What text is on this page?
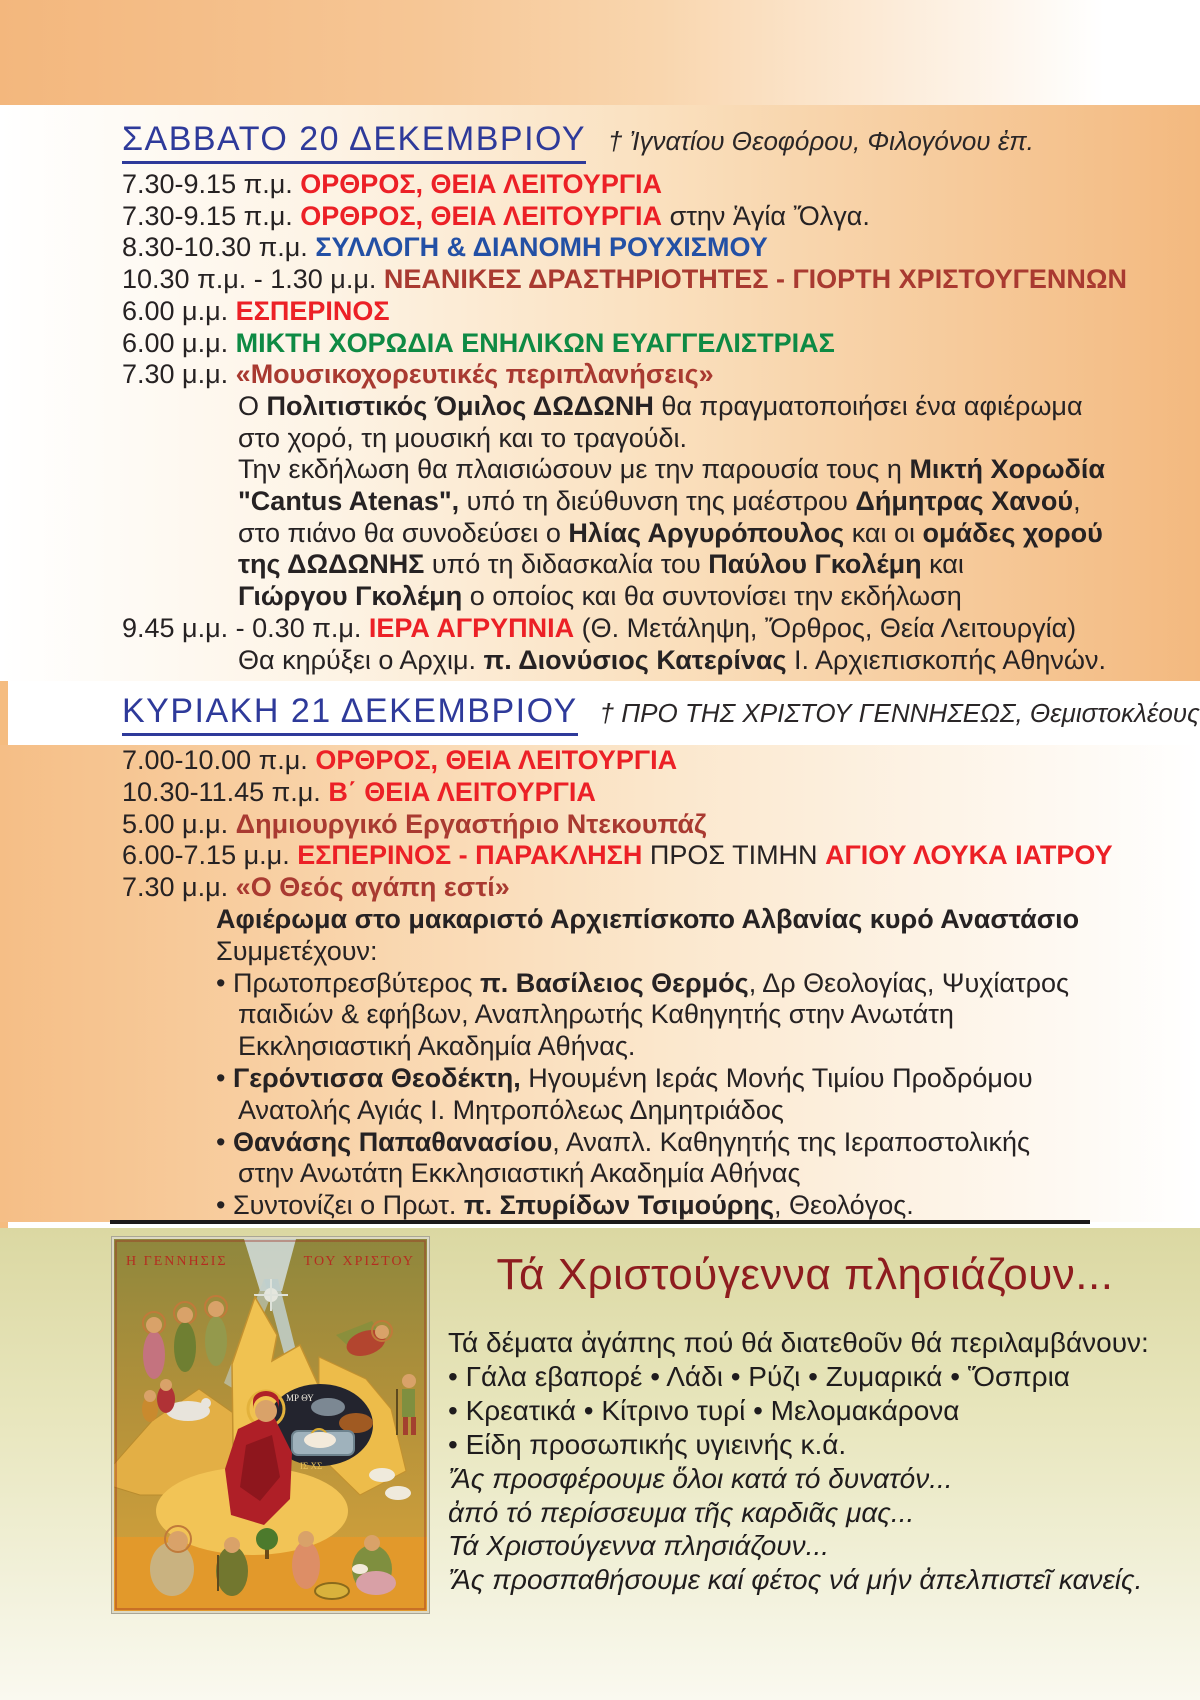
ΣΑΒΒΑΤΟ 20 ΔΕΚΕΜΒΡΙΟΥ † Ἰγνατίου Θεοφόρου, Φιλογόνου ἐπ.
7.30-9.15 π.μ. ΟΡΘΡΟΣ, ΘΕΙΑ ΛΕΙΤΟΥΡΓΙΑ
7.30-9.15 π.μ. ΟΡΘΡΟΣ, ΘΕΙΑ ΛΕΙΤΟΥΡΓΙΑ στην Ἁγία Ὄλγα.
8.30-10.30 π.μ. ΣΥΛΛΟΓΗ & ΔΙΑΝΟΜΗ ΡΟΥΧΙΣΜΟΥ
10.30 π.μ. - 1.30 μ.μ. ΝΕΑΝΙΚΕΣ ΔΡΑΣΤΗΡΙΟΤΗΤΕΣ - ΓΙΟΡΤΗ ΧΡΙΣΤΟΥΓΕΝΝΩΝ
6.00 μ.μ. ΕΣΠΕΡΙΝΟΣ
6.00 μ.μ. ΜΙΚΤΗ ΧΟΡΩΔΙΑ ΕΝΗΛΙΚΩΝ ΕΥΑΓΓΕΛΙΣΤΡΙΑΣ
7.30 μ.μ. «Μουσικοχορευτικές περιπλανήσεις»
Ο Πολιτιστικός Όμιλος ΔΩΔΩΝΗ θα πραγματοποιήσει ένα αφιέρωμα
στο χορό, τη μουσική και το τραγούδι.
Την εκδήλωση θα πλαισιώσουν με την παρουσία τους η Μικτή Χορωδία
"Cantus Atenas", υπό τη διεύθυνση της μαέστρου Δήμητρας Χανού,
στο πιάνο θα συνοδεύσει ο Ηλίας Αργυρόπουλος και οι ομάδες χορού
της ΔΩΔΩΝΗΣ υπό τη διδασκαλία του Παύλου Γκολέμη και
Γιώργου Γκολέμη ο οποίος και θα συντονίσει την εκδήλωση
9.45 μ.μ. - 0.30 π.μ. ΙΕΡΑ ΑΓΡΥΠΝΙΑ (Θ. Μετάληψη, Ὄρθρος, Θεία Λειτουργία)
Θα κηρύξει ο Αρχιμ. π. Διονύσιος Κατερίνας Ι. Αρχιεπισκοπής Αθηνών.
ΚΥΡΙΑΚΗ 21 ΔΕΚΕΜΒΡΙΟΥ † ΠΡΟ ΤΗΣ ΧΡΙΣΤΟΥ ΓΕΝΝΗΣΕΩΣ, Θεμιστοκλέους
7.00-10.00 π.μ. ΟΡΘΡΟΣ, ΘΕΙΑ ΛΕΙΤΟΥΡΓΙΑ
10.30-11.45 π.μ. Β΄ ΘΕΙΑ ΛΕΙΤΟΥΡΓΙΑ
5.00 μ.μ. Δημιουργικό Εργαστήριο Ντεκουπάζ
6.00-7.15 μ.μ. ΕΣΠΕΡΙΝΟΣ - ΠΑΡΑΚΛΗΣΗ ΠΡΟΣ ΤΙΜΗΝ ΑΓΙΟΥ ΛΟΥΚΑ ΙΑΤΡΟΥ
7.30 μ.μ. «Ο Θεός αγάπη εστί»
Αφιέρωμα στο μακαριστό Αρχιεπίσκοπο Αλβανίας κυρό Αναστάσιο
Συμμετέχουν:
• Πρωτοπρεσβύτερος π. Βασίλειος Θερμός, Δρ Θεολογίας, Ψυχίατρος
παιδιών & εφήβων, Αναπληρωτής Καθηγητής στην Ανωτάτη
Εκκλησιαστική Ακαδημία Αθήνας.
• Γερόντισσα Θεοδέκτη, Ηγουμένη Ιεράς Μονής Τιμίου Προδρόμου
Ανατολής Αγιάς Ι. Μητροπόλεως Δημητριάδος
• Θανάσης Παπαθανασίου, Αναπλ. Καθηγητής της Ιεραποστολικής
στην Ανωτάτη Εκκλησιαστική Ακαδημία Αθήνας
• Συντονίζει ο Πρωτ. π. Σπυρίδων Τσιμούρης, Θεολόγος.
ΙΣ ΧΣ
ΜΡ ΘΥ
Η ΓΕΝΝΗΣΙΣ	ΤΟΥ ΧΡΙΣΤΟΥ	Τά Χριστούγεννα πλησιάζουν...
Τά δέματα ἀγάπης πού θά διατεθοῦν θά περιλαμβάνουν:
• Γάλα εβαπορέ • Λάδι • Ρύζι • Ζυμαρικά • Ὅσπρια
• Κρεατικά • Κίτρινο τυρί • Μελομακάρονα
• Είδη προσωπικής υγιεινής κ.ά.
Ἄς προσφέρουμε ὅλοι κατά τό δυνατόν...
ἀπό τό περίσσευμα τῆς καρδιᾶς μας...
Τά Χριστούγεννα πλησιάζουν...
Ἄς προσπαθήσουμε καί φέτος νά μήν ἀπελπιστεῖ κανείς.
